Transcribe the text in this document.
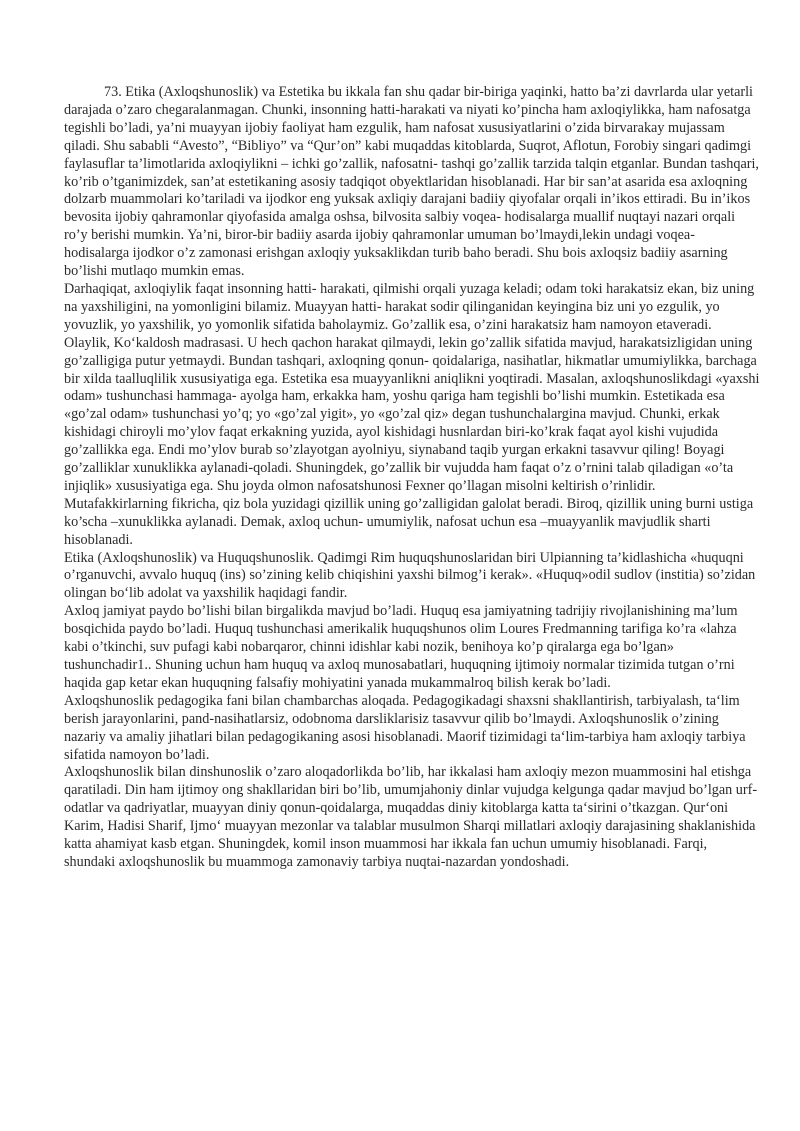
73. Etika (Axloqshunoslik) va Estetika bu ikkala fan shu qadar bir-biriga yaqinki, hatto ba’zi davrlarda ular yetarli darajada o’zaro chegaralanmagan. Chunki, insonning hatti-harakati va niyati ko’pincha ham axloqiylikka, ham nafosatga tegishli bo’ladi, ya’ni muayyan ijobiy faoliyat ham ezgulik, ham nafosat xususiyatlarini o’zida birvarakay mujassam qiladi. Shu sababli “Avesto”, “Bibliyo” va “Qur’on” kabi muqaddas kitoblarda, Suqrot, Aflotun, Forobiy singari qadimgi faylasuflar ta’limotlarida axloqiylikni – ichki go’zallik, nafosatni- tashqi go’zallik tarzida talqin etganlar. Bundan tashqari, ko’rib o’tganimizdek, san’at estetikaning asosiy tadqiqot obyektlaridan hisoblanadi. Har bir san’at asarida esa axloqning dolzarb muammolari ko’tariladi va ijodkor eng yuksak axliqiy darajani badiiy qiyofalar orqali in’ikos ettiradi. Bu in’ikos bevosita ijobiy qahramonlar qiyofasida amalga oshsa, bilvosita salbiy voqea- hodisalarga muallif nuqtayi nazari orqali ro’y berishi mumkin. Ya’ni, biror-bir badiiy asarda ijobiy qahramonlar umuman bo’lmaydi,lekin undagi voqea- hodisalarga ijodkor o’z zamonasi erishgan axloqiy yuksaklikdan turib baho beradi. Shu bois axloqsiz badiiy asarning bo’lishi mutlaqo mumkin emas.

Darhaqiqat, axloqiylik faqat insonning hatti- harakati, qilmishi orqali yuzaga keladi; odam toki harakatsiz ekan, biz uning na yaxshiligini, na yomonligini bilamiz. Muayyan hatti- harakat sodir qilinganidan keyingina biz uni yo ezgulik, yo yovuzlik, yo yaxshilik, yo yomonlik sifatida baholaymiz. Go’zallik esa, o’zini harakatsiz ham namoyon etaveradi. Olaylik, Ko‘kaldosh madrasasi. U hech qachon harakat qilmaydi, lekin go’zallik sifatida mavjud, harakatsizligidan uning go’zalligiga putur yetmaydi. Bundan tashqari, axloqning qonun- qoidalariga, nasihatlar, hikmatlar umumiylikka, barchaga bir xilda taalluqlilik xususiyatiga ega. Estetika esa muayyanlikni aniqlikni yoqtiradi. Masalan, axloqshunoslikdagi «yaxshi odam» tushunchasi hammaga- ayolga ham, erkakka ham, yoshu qariga ham tegishli bo’lishi mumkin. Estetikada esa «go’zal odam» tushunchasi yo’q; yo «go’zal yigit», yo «go’zal qiz» degan tushunchalargina mavjud. Chunki, erkak kishidagi chiroyli mo’ylov faqat erkakning yuzida, ayol kishidagi husnlardan biri-ko’krak faqat ayol kishi vujudida go’zallikka ega. Endi mo’ylov burab so’zlayotgan ayolniyu, siynaband taqib yurgan erkakni tasavvur qiling! Boyagi go’zalliklar xunuklikka aylanadi-qoladi. Shuningdek, go’zallik bir vujudda ham faqat o’z o’rnini talab qiladigan «o’ta injiqlik» xususiyatiga ega. Shu joyda olmon nafosatshunosi Fexner qo’llagan misolni keltirish o’rinlidir. Mutafakkirlarning fikricha, qiz bola yuzidagi qizillik uning go’zalligidan galolat beradi. Biroq, qizillik uning burni ustiga ko’scha –xunuklikka aylanadi. Demak, axloq uchun- umumiylik, nafosat uchun esa –muayyanlik mavjudlik sharti hisoblanadi.

Etika (Axloqshunoslik) va Huquqshunoslik. Qadimgi Rim huquqshunoslaridan biri Ulpianning ta’kidlashicha «huquqni o’rganuvchi, avvalo huquq (ins) so’zining kelib chiqishini yaxshi bilmog’i kerak». «Huquq»odil sudlov (institia) so’zidan olingan bo‘lib adolat va yaxshilik haqidagi fandir.

Axloq jamiyat paydo bo’lishi bilan birgalikda mavjud bo’ladi. Huquq esa jamiyatning tadrijiy rivojlanishining ma’lum bosqichida paydo bo’ladi. Huquq tushunchasi amerikalik huquqshunos olim Loures Fredmanning tarifiga ko’ra «lahza kabi o’tkinchi, suv pufagi kabi nobarqaror, chinni idishlar kabi nozik, benihoya ko’p qiralarga ega bo’lgan» tushunchadir1.. Shuning uchun ham huquq va axloq munosabatlari, huquqning ijtimoiy normalar tizimida tutgan o’rni haqida gap ketar ekan huquqning falsafiy mohiyatini yanada mukammalroq bilish kerak bo’ladi.

Axloqshunoslik pedagogika fani bilan chambarchas aloqada. Pedagogikadagi shaxsni shakllantirish, tarbiyalash, ta‘lim berish jarayonlarini, pand-nasihatlarsiz, odobnoma darsliklarisiz tasavvur qilib bo’lmaydi. Axloqshunoslik o’zining nazariy va amaliy jihatlari bilan pedagogikaning asosi hisoblanadi. Maorif tizimidagi ta‘lim-tarbiya ham axloqiy tarbiya sifatida namoyon bo’ladi.

Axloqshunoslik bilan dinshunoslik o’zaro aloqadorlikda bo’lib, har ikkalasi ham axloqiy mezon muammosini hal etishga qaratiladi. Din ham ijtimoy ong shakllaridan biri bo’lib, umumjahoniy dinlar vujudga kelgunga qadar mavjud bo’lgan urf-odatlar va qadriyatlar, muayyan diniy qonun-qoidalarga, muqaddas diniy kitoblarga katta ta‘sirini o’tkazgan. Qur‘oni Karim, Hadisi Sharif, Ijmo‘ muayyan mezonlar va talablar musulmon Sharqi millatlari axloqiy darajasining shaklanishida katta ahamiyat kasb etgan. Shuningdek, komil inson muammosi har ikkala fan uchun umumiy hisoblanadi. Farqi, shundaki axloqshunoslik bu muammoga zamonaviy tarbiya nuqtai-nazardan yondoshadi.
